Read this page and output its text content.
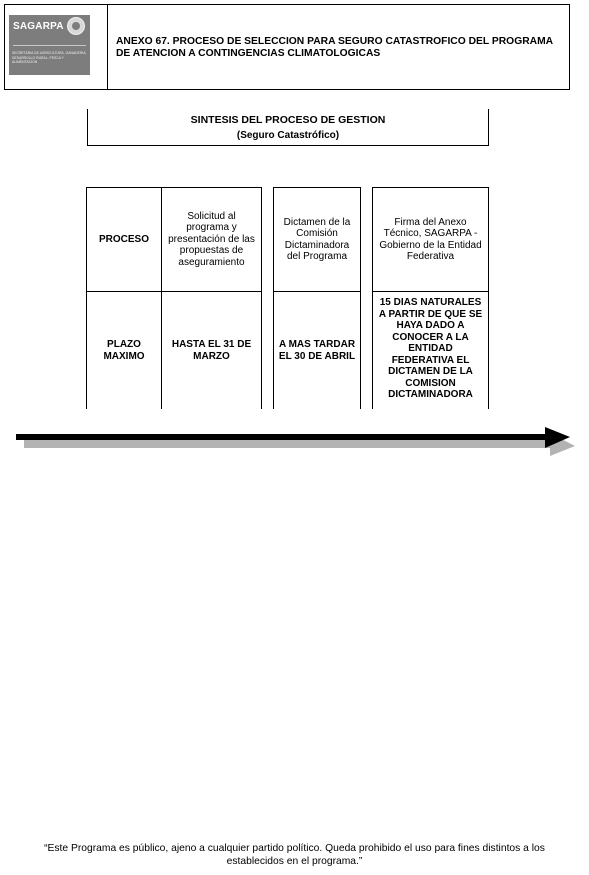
SAGARPA
SECRETARIA DE AGRICULTURA, GANADERIA, DESARROLLO RURAL, PESCA Y ALIMENTACION
ANEXO 67. PROCESO DE SELECCION PARA SEGURO CATASTROFICO DEL PROGRAMA DE ATENCION A CONTINGENCIAS CLIMATOLOGICAS
SINTESIS DEL PROCESO DE GESTION
(Seguro Catastrófico)
PROCESO
PLAZO MAXIMO
Solicitud al programa y presentación de las propuestas de aseguramiento
HASTA EL 31 DE MARZO
Dictamen de la Comisión Dictaminadora del Programa
A MAS TARDAR EL 30 DE ABRIL
Firma del Anexo Técnico, SAGARPA - Gobierno de la Entidad Federativa
15 DIAS NATURALES A PARTIR DE QUE SE HAYA DADO A CONOCER A LA ENTIDAD FEDERATIVA EL DICTAMEN DE LA COMISION DICTAMINADORA
“Este Programa es público, ajeno a cualquier partido político. Queda prohibido el uso para fines distintos a los
establecidos en el programa.”
